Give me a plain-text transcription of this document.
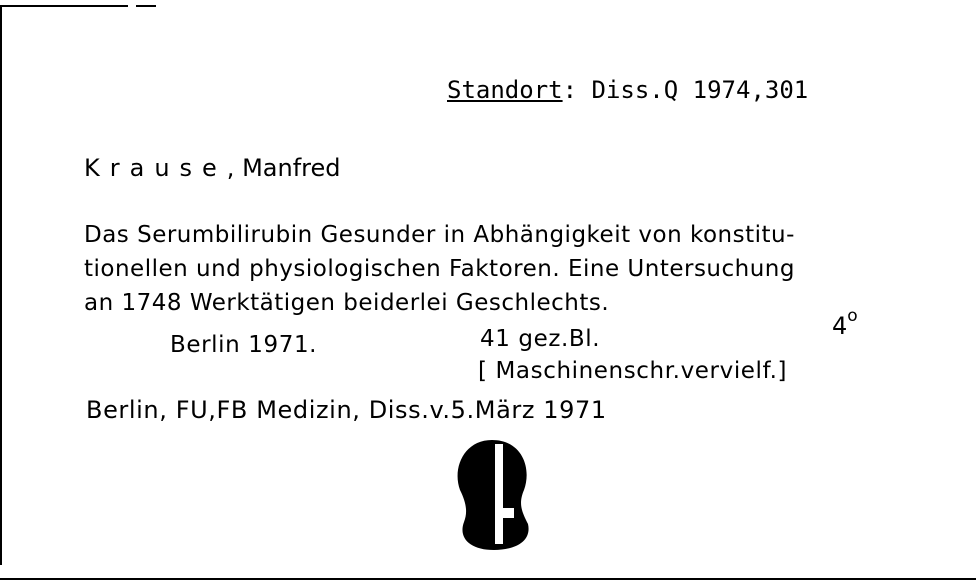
Standort: Diss.Q 1974,301
Krause, Manfred
Das Serumbilirubin Gesunder in Abhängigkeit von konstitu-
tionellen und physiologischen Faktoren. Eine Untersuchung
an 1748 Werktätigen beiderlei Geschlechts.
Berlin 1971.	41 gez.Bl.	4$^o$
[ Maschinenschr.vervielf.]
Berlin, FU,FB Medizin, Diss.v.5.März 1971
